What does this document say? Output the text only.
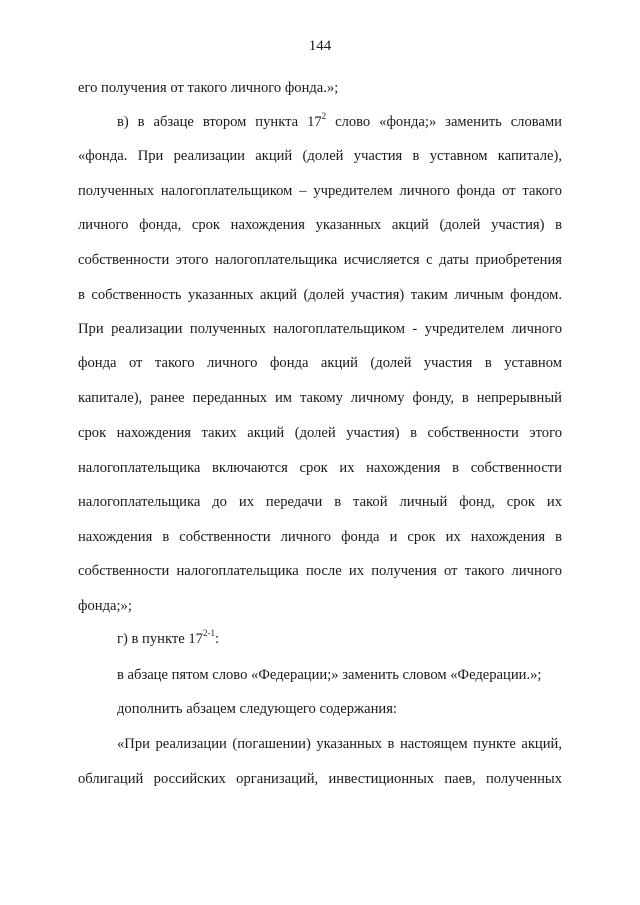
144
его получения от такого личного фонда.»;
в) в абзаце втором пункта $17^2$ слово «фонда;» заменить словами
«фонда. При реализации акций (долей участия в уставном капитале),
полученных налогоплательщиком – учредителем личного фонда от такого
личного фонда, срок нахождения указанных акций (долей участия) в
собственности этого налогоплательщика исчисляется с даты приобретения
в собственность указанных акций (долей участия) таким личным фондом.
При реализации полученных налогоплательщиком - учредителем личного
фонда от такого личного фонда акций (долей участия в уставном
капитале), ранее переданных им такому личному фонду, в непрерывный
срок нахождения таких акций (долей участия) в собственности этого
налогоплательщика включаются срок их нахождения в собственности
налогоплательщика до их передачи в такой личный фонд, срок их
нахождения в собственности личного фонда и срок их нахождения в
собственности налогоплательщика после их получения от такого личного
фонда;»;
г) в пункте 17$^{2-1}$:
в абзаце пятом слово «Федерации;» заменить словом «Федерации.»;
дополнить абзацем следующего содержания:
«При реализации (погашении) указанных в настоящем пункте акций,
облигаций российских организаций, инвестиционных паев, полученных
